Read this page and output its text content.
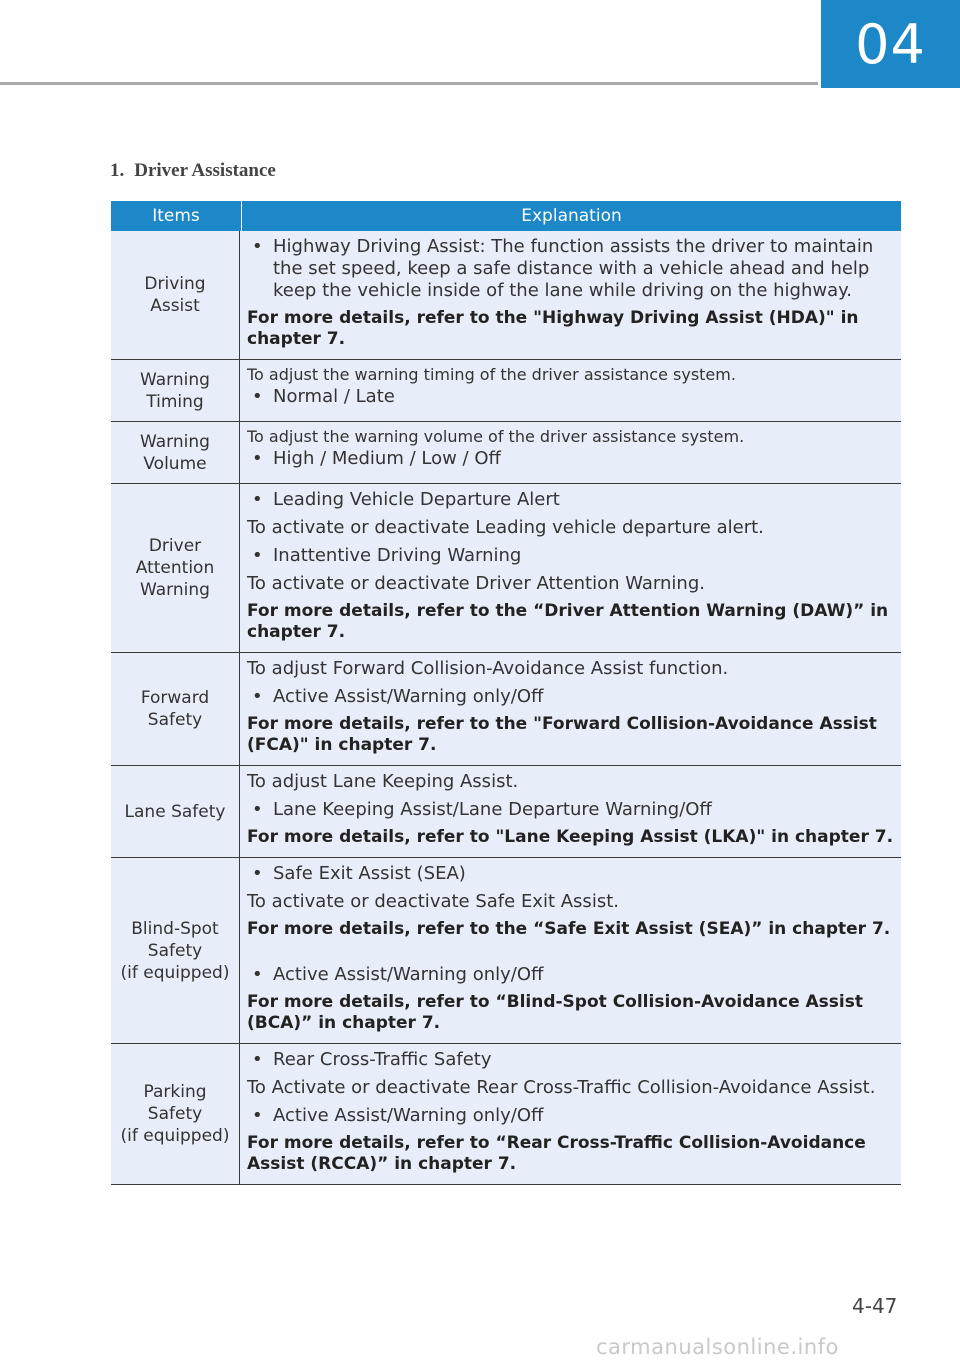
04
1. Driver Assistance
Items	Explanation
Driving
Assist
• Highway Driving Assist: The function assists the driver to maintain the set speed, keep a safe distance with a vehicle ahead and help keep the vehicle inside of the lane while driving on the highway.
For more details, refer to the "Highway Driving Assist (HDA)" in chapter 7.
Warning
Timing
To adjust the warning timing of the driver assistance system.
• Normal / Late
Warning
Volume
To adjust the warning volume of the driver assistance system.
• High / Medium / Low / Off
Driver
Attention
Warning
• Leading Vehicle Departure Alert
To activate or deactivate Leading vehicle departure alert.
• Inattentive Driving Warning
To activate or deactivate Driver Attention Warning.
For more details, refer to the “Driver Attention Warning (DAW)” in chapter 7.
Forward
Safety
To adjust Forward Collision-Avoidance Assist function.
• Active Assist/Warning only/Off
For more details, refer to the "Forward Collision-Avoidance Assist (FCA)" in chapter 7.
Lane Safety
To adjust Lane Keeping Assist.
• Lane Keeping Assist/Lane Departure Warning/Off
For more details, refer to "Lane Keeping Assist (LKA)" in chapter 7.
Blind-Spot
Safety
(if equipped)
• Safe Exit Assist (SEA)
To activate or deactivate Safe Exit Assist.
For more details, refer to the “Safe Exit Assist (SEA)” in chapter 7.
• Active Assist/Warning only/Off
For more details, refer to “Blind-Spot Collision-Avoidance Assist (BCA)” in chapter 7.
Parking
Safety
(if equipped)
• Rear Cross-Traffic Safety
To Activate or deactivate Rear Cross-Traffic Collision-Avoidance Assist.
• Active Assist/Warning only/Off
For more details, refer to “Rear Cross-Traffic Collision-Avoidance Assist (RCCA)” in chapter 7.
4-47
carmanualsonline.info
